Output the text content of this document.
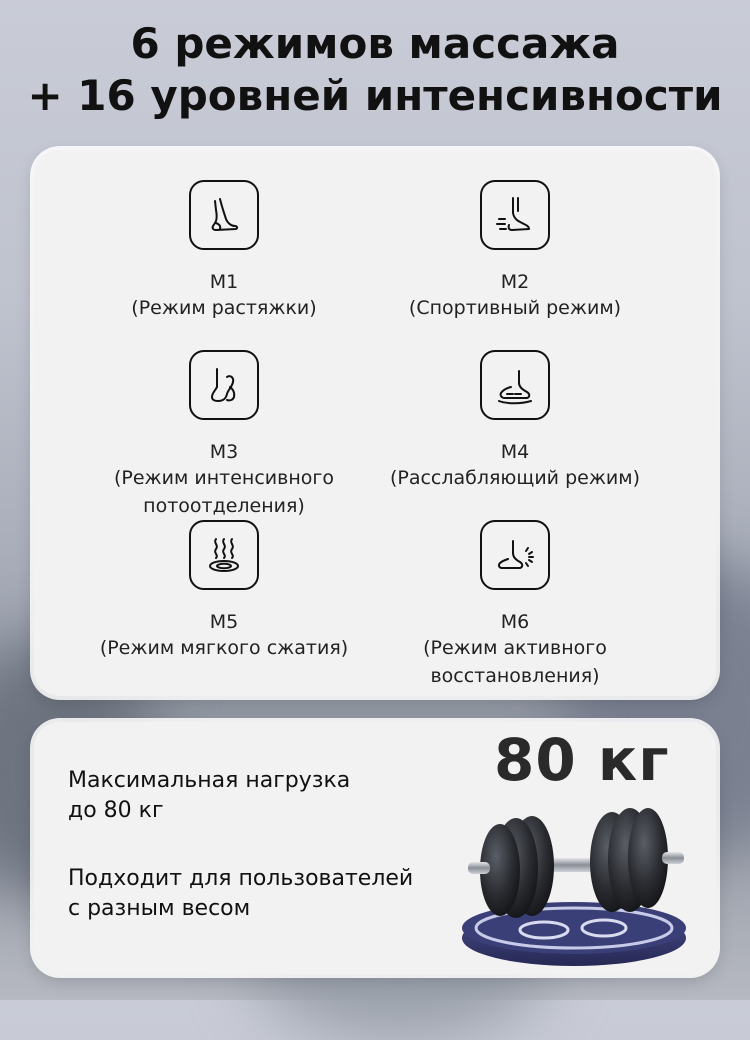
6 режимов массажа
+ 16 уровней интенсивности
M1
(Режим растяжки)
M2
(Спортивный режим)
M3
(Режим интенсивного
потоотделения)
M4
(Расслабляющий режим)
M5
(Режим мягкого сжатия)
M6
(Режим активного
восстановления)
Максимальная нагрузка
до 80 кг
Подходит для пользователей
с разным весом
80 кг
